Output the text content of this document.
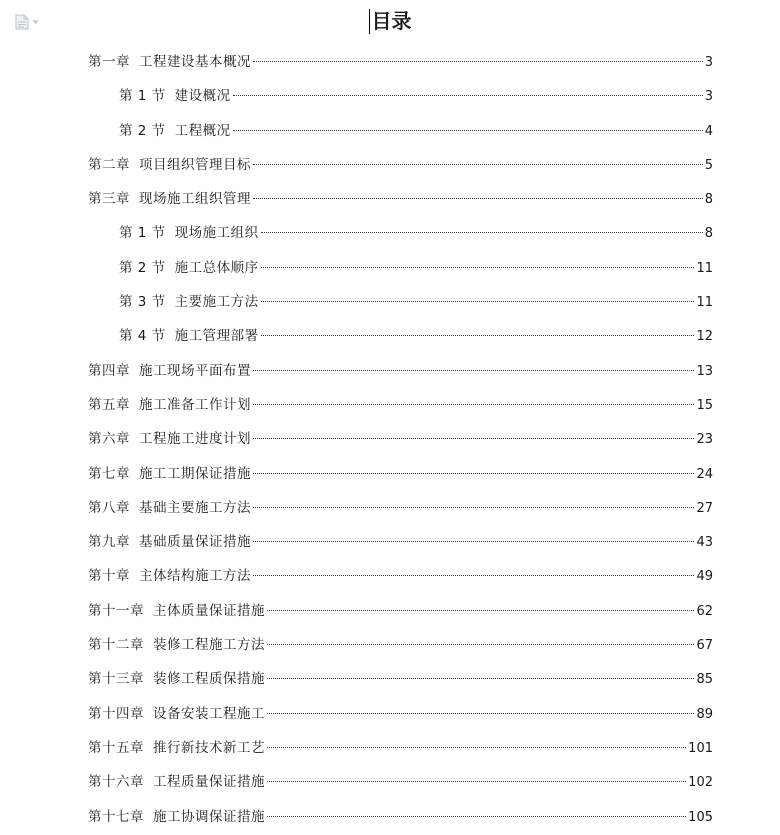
目录
第一章 工程建设基本概况	3
第 1 节 建设概况	3
第 2 节 工程概况	4
第二章 项目组织管理目标	5
第三章 现场施工组织管理	8
第 1 节 现场施工组织	8
第 2 节 施工总体顺序	11
第 3 节 主要施工方法	11
第 4 节 施工管理部署	12
第四章 施工现场平面布置	13
第五章 施工准备工作计划	15
第六章 工程施工进度计划	23
第七章 施工工期保证措施	24
第八章 基础主要施工方法	27
第九章 基础质量保证措施	43
第十章 主体结构施工方法	49
第十一章 主体质量保证措施	62
第十二章 装修工程施工方法	67
第十三章 装修工程质保措施	85
第十四章 设备安装工程施工	89
第十五章 推行新技术新工艺	101
第十六章 工程质量保证措施	102
第十七章 施工协调保证措施	105
